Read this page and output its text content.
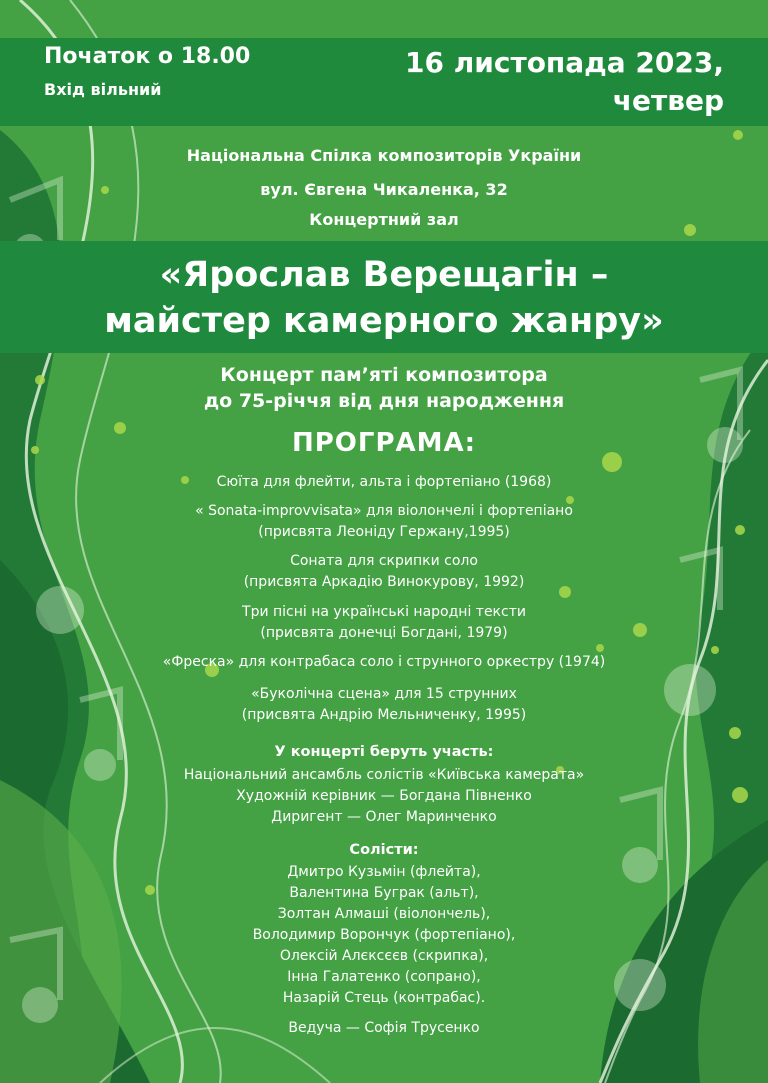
Початок о 18.00

Вхід вільний

16 листопада 2023,
четвер
Національна Спілка композиторів України
вул. Євгена Чикаленка, 32
Концертний зал
«Ярослав Верещагін –
майстер камерного жанру»
Концерт пам’яті композитора
до 75-річчя від дня народження
ПРОГРАМА:
Сюїта для флейти, альта і фортепіано (1968)
« Sonata-improvvisata» для віолончелі і фортепіано
(присвята Леоніду Гержану,1995)
Соната для скрипки соло
(присвята Аркадію Винокурову, 1992)
Три пісні на українські народні тексти
(присвята донечці Богдані, 1979)
«Фреска» для контрабаса соло і струнного оркестру (1974)
«Буколічна сцена» для 15 струнних
(присвята Андрію Мельниченку, 1995)
У концерті беруть участь:
Національний ансамбль солістів «Київська камерата»
Художній керівник — Богдана Півненко
Диригент — Олег Маринченко
Солісти:
Дмитро Кузьмін (флейта),
Валентина Буграк (альт),
Золтан Алмаші (віолончель),
Володимир Ворончук (фортепіано),
Олексій Алєксєєв (скрипка),
Інна Галатенко (сопрано),
Назарій Стець (контрабас).
Ведуча — Софія Трусенко
